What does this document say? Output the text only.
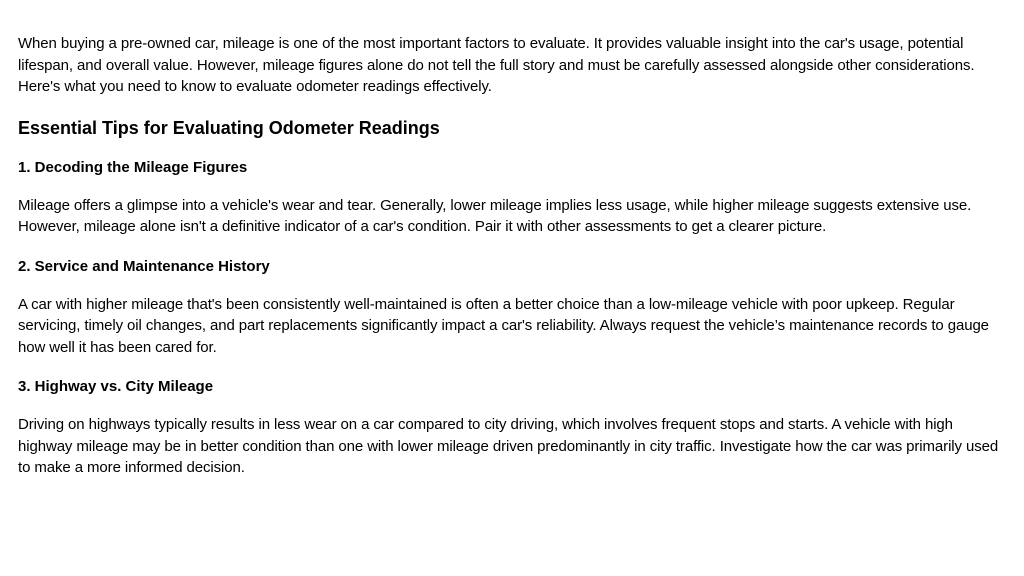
When buying a pre-owned car, mileage is one of the most important factors to evaluate. It provides valuable insight into the car's usage, potential lifespan, and overall value. However, mileage figures alone do not tell the full story and must be carefully assessed alongside other considerations. Here's what you need to know to evaluate odometer readings effectively.

Essential Tips for Evaluating Odometer Readings
1. Decoding the Mileage Figures

Mileage offers a glimpse into a vehicle's wear and tear. Generally, lower mileage implies less usage, while higher mileage suggests extensive use. However, mileage alone isn't a definitive indicator of a car's condition. Pair it with other assessments to get a clearer picture.

2. Service and Maintenance History

A car with higher mileage that's been consistently well-maintained is often a better choice than a low-mileage vehicle with poor upkeep. Regular servicing, timely oil changes, and part replacements significantly impact a car's reliability. Always request the vehicle’s maintenance records to gauge how well it has been cared for.

3. Highway vs. City Mileage

Driving on highways typically results in less wear on a car compared to city driving, which involves frequent stops and starts. A vehicle with high highway mileage may be in better condition than one with lower mileage driven predominantly in city traffic. Investigate how the car was primarily used to make a more informed decision.
